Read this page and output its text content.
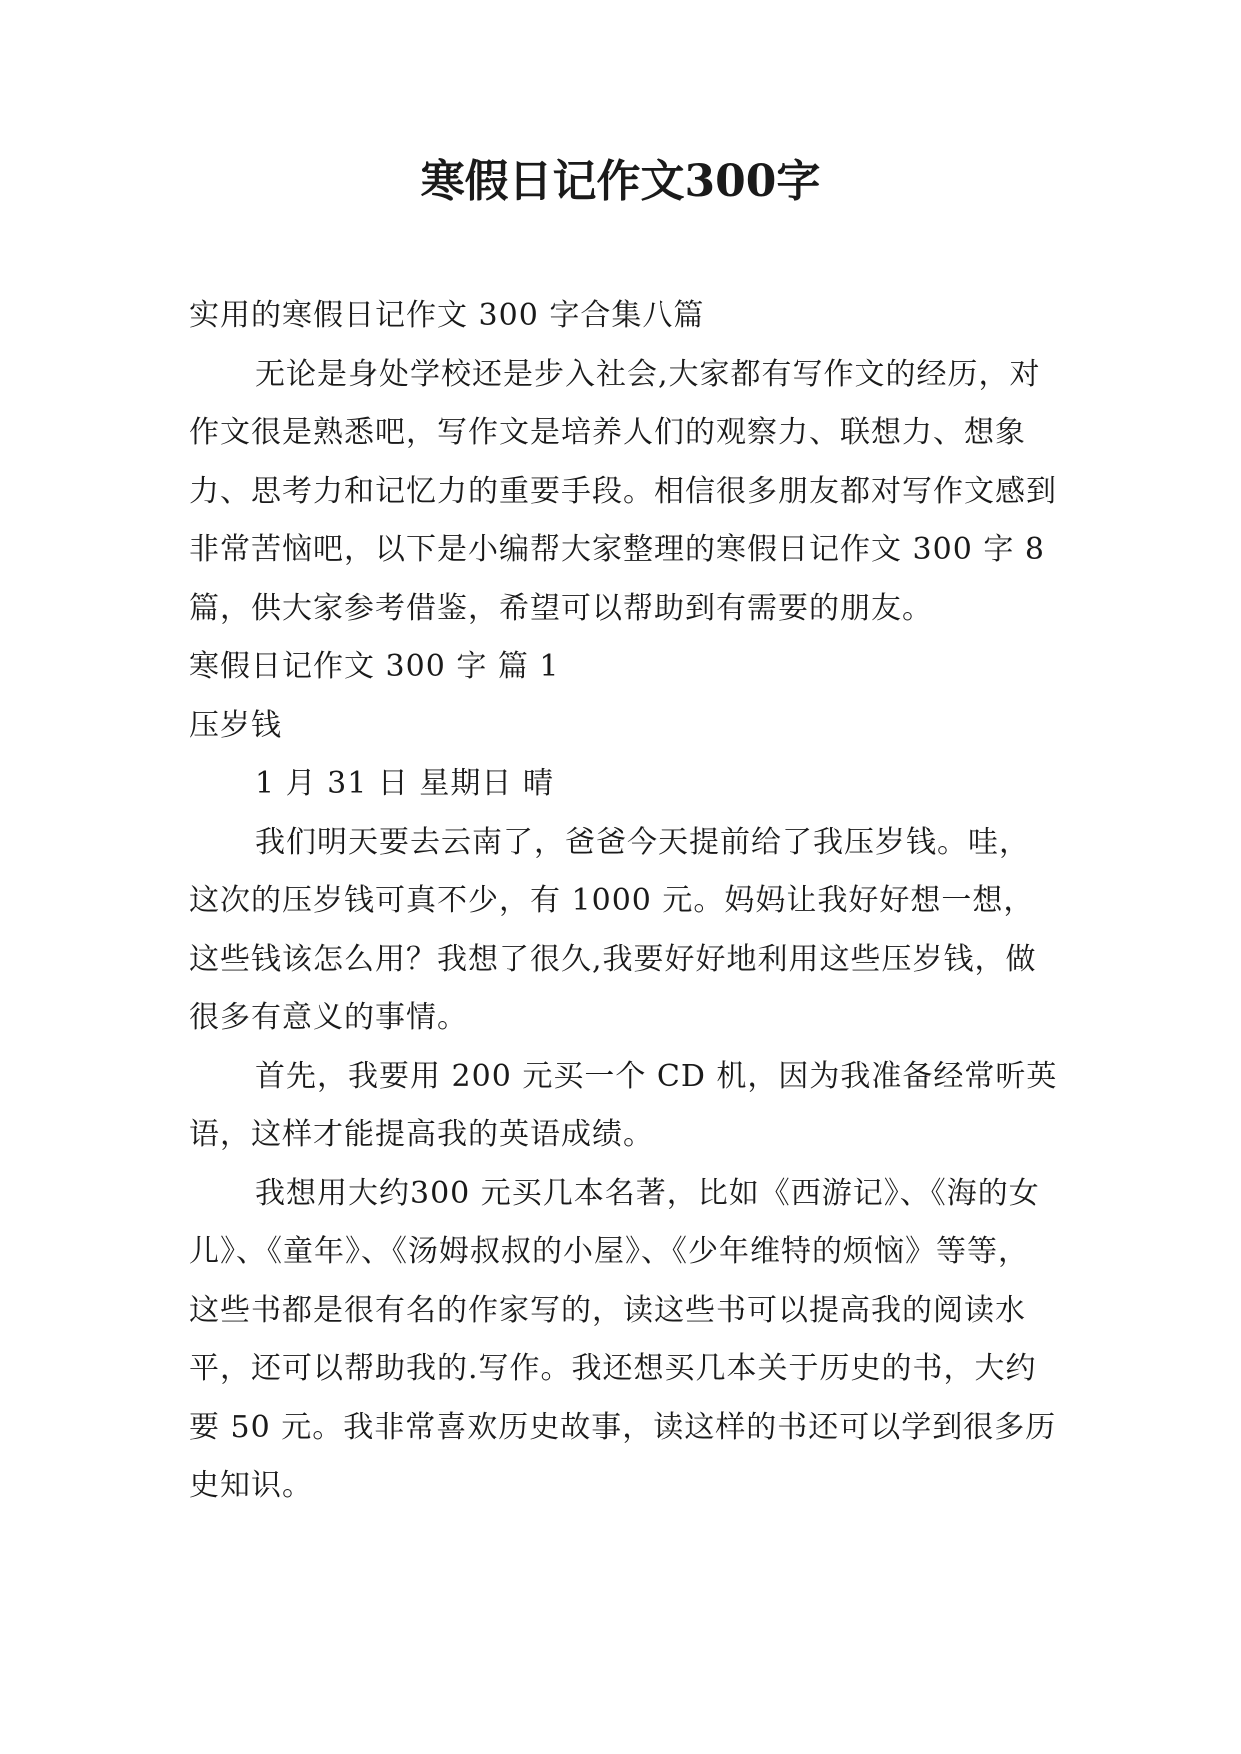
寒假日记作文300字

实用的寒假日记作文 300 字合集八篇

无论是身处学校还是步入社会,大家都有写作文的经历，对作文很是熟悉吧，写作文是培养人们的观察力、联想力、想象力、思考力和记忆力的重要手段。相信很多朋友都对写作文感到非常苦恼吧，以下是小编帮大家整理的寒假日记作文 300 字 8 篇，供大家参考借鉴，希望可以帮助到有需要的朋友。

寒假日记作文 300 字 篇 1

压岁钱

1 月 31 日 星期日 晴

我们明天要去云南了，爸爸今天提前给了我压岁钱。哇，这次的压岁钱可真不少，有 1000 元。妈妈让我好好想一想，这些钱该怎么用？我想了很久,我要好好地利用这些压岁钱，做很多有意义的事情。

首先，我要用 200 元买一个 CD 机，因为我准备经常听英语，这样才能提高我的英语成绩。

我想用大约300 元买几本名著，比如《西游记》、《海的女儿》、《童年》、《汤姆叔叔的小屋》、《少年维特的烦恼》等等，这些书都是很有名的作家写的，读这些书可以提高我的阅读水平，还可以帮助我的.写作。我还想买几本关于历史的书，大约要 50 元。我非常喜欢历史故事，读这样的书还可以学到很多历史知识。
